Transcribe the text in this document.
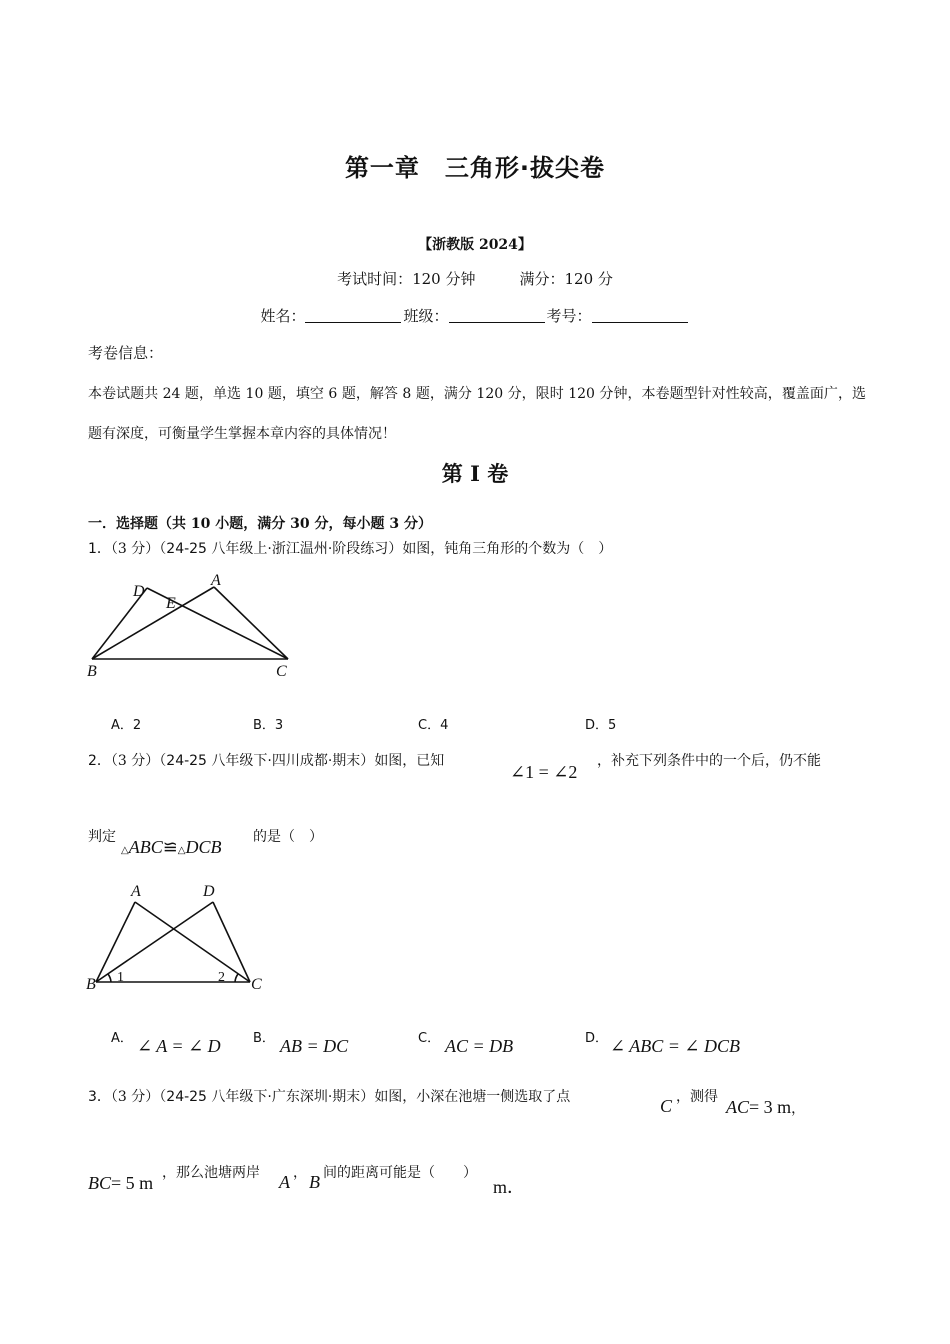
第一章　三角形·拔尖卷
【浙教版 2024】
考试时间：120 分钟	满分：120 分
姓名：	班级：	考号：
考卷信息：
本卷试题共 24 题，单选 10 题，填空 6 题，解答 8 题，满分 120 分，限时 120 分钟，本卷题型针对性较高，覆盖面广，选题有深度，可衡量学生掌握本章内容的具体情况！
第 I 卷
一．选择题（共 10 小题，满分 30 分，每小题 3 分）
1．（3 分）（24-25 八年级上·浙江温州·阶段练习）如图，钝角三角形的个数为（　）
D
E
A
B	C
A．2	B．3	C．4	D．5
2．（3 分）（24-25 八年级下·四川成都·期末）如图，已知
∠1 = ∠2
，补充下列条件中的一个后，仍不能
判定
△ABC≌△DCB 的是（　）
A	D
B	C
1	2
A． ∠ A = ∠ D B． AB = DC	C． AC = DB	D． ∠ ABC = ∠ DCB
3．（3 分）（24-25 八年级下·广东深圳·期末）如图，小深在池塘一侧选取了点	C ，测得 AC= 3 m，
BC= 5 m ，那么池塘两岸 A ， B 间的距离可能是（　　）
m．
